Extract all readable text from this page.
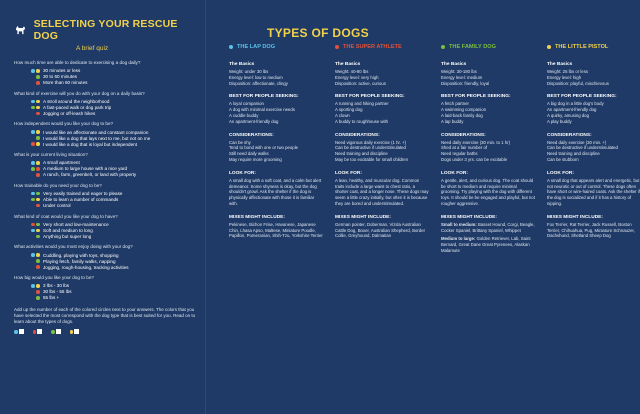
SELECTING YOUR RESCUE DOG
A brief quiz
How much time are able to dedicate to exercising a dog daily?
30 minutes or less
30 to 60 minutes
More than 60 minutes
What kind of exercise will you do with your dog on a daily basis?
A stroll around the neighborhood
A fast-paced walk or dog park trip
Jogging or off-leash hikes
How independent would you like your dog to be?
I would like an affectionate and constant companion
I would like a dog that lays next to me, but not on me
I would like a dog that is loyal but independent
What is your current living situation?
A small apartment
A medium to large house with a nice yard
A ranch, farm, greenbelt, or land with property
How trainable do you need your dog to be?
Very easily trained and eager to please
Able to learn a number of commands
Under control
What kind of coat would you like your dog to have?
Very short and low-maintenance
Soft and medium to long
Anything but super long
What activities would you most enjoy doing with your dog?
Cuddling, playing with toys, shopping
Playing fetch, family walks, napping
Jogging, rough-housing, tracking activities
How big would you like your dog to be?
3 lbs - 30 lbs
30 lbs - 55 lbs
55 lbs +
Add up the number of each of the colored circles next to your answers. The colors that you have selected the most correspond with the dog type that is best suited for you. Read on to learn about the types of dogs.
TYPES OF DOGS
THE LAP DOG
The Basics
Weight: under 30 lbs
Energy level: low to medium
Disposition: affectionate, clingy
BEST FOR PEOPLE SEEKING:
A loyal companion
A dog with minimal exercise needs
A cuddle buddy
An apartment-friendly dog
CONSIDERATIONS:
Can be shy
Tend to bond with one or two people
Still need daily walks
May require more grooming
LOOK FOR:
A small dog with a soft coat, and a calm but alert demeanor. Some shyness is okay, but the dog shouldn't growl. Ask the shelter if the dog is physically affectionate with those it is familiar with.
MIXES MIGHT INCLUDE:
Pekinese, Bichon Frise, Havanese, Japanese Chin, Lhasa Apso, Maltese, Miniature Poodle, Papillon, Pomeranian, Shih-Tzu, Yorkshire Terrier
THE SUPER ATHLETE
The Basics
Weight: 40-80 lbs
Energy level: very high
Disposition: active, curious
BEST FOR PEOPLE SEEKING:
A running and hiking partner
A sporting dog
A clown
A buddy to roughhouse with
CONSIDERATIONS:
Need vigorous daily exercise (1 hr. +)
Can be destructive if understimulated
Need training and discipline
May be too excitable for small children
LOOK FOR:
A lean, healthy, and muscular dog. Common traits include a large waist to chest ratio, a shorter coat, and a longer nose. These dogs may seem a little crazy initially, but often it is because they are bored and understimulated.
MIXES MIGHT INCLUDE:
German pointer, Doberman, Vizsla Australian Cattle Dog, Boxer, Australian Shepherd, Border Collie, Greyhound, Dalmatian
THE FAMILY DOG
The Basics
Weight: 30-180 lbs
Energy level: medium
Disposition: friendly, loyal
BEST FOR PEOPLE SEEKING:
A fetch partner
A swimming companion
A laid-back family dog
A lap buddy
CONSIDERATIONS:
Need daily exercise (30 min. to 1 hr)
Shed at a fair number of
Need regular baths
Dogs under 3 yrs. can be excitable
LOOK FOR:
A gentle, alert, and curious dog. The coat should be short to medium and require minimal grooming. Try playing with the dog with different toys. It should be be engaged and playful, but not rougher aggressive.
MIXES MIGHT INCLUDE:
Small to medium: Basset Hound, Corgi, Beagle, Cocker Spaniel, Brittany Spaniel, Whippet
Medium to large: Golden Retriever, Lab, Saint Bernard, Great Dane Great Pyrenees, Alaskan Malamute
THE LITTLE PISTOL
The Basics
Weight: 25 lbs or less
Energy level: high
Disposition: playful, mischievous
BEST FOR PEOPLE SEEKING:
A big dog in a little dog's body
An apartment-friendly dog
A quirky, amusing dog
A play buddy
CONSIDERATIONS:
Need daily exercise (30 min. +)
Can be destructive if understimulated
Need training and discipline
Can be stubborn
LOOK FOR:
A small dog that appears alert and energetic, but not neurotic or out of control. These dogs often have short or wire-haired coats. Ask the shelter if the dog is socialized and if it has a history of nipping.
MIXES MIGHT INCLUDE:
Fox Terrier, Rat Terrier, Jack Russell, Boston Terrier, Chihuahua, Pug, Miniature Schnauzer, Dachshund, Shetland Sheep Dog
